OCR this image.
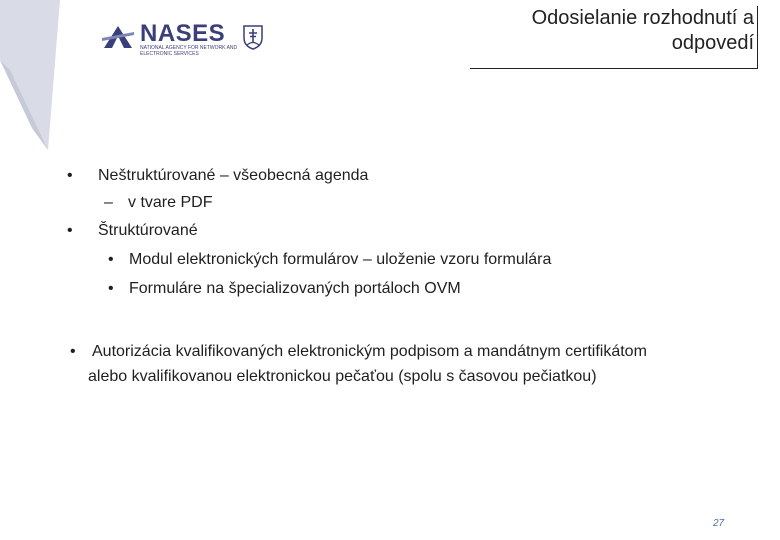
NASES
NATIONAL AGENCY FOR NETWORK AND
ELECTRONIC SERVICES
Odosielanie rozhodnutí a
odpovedí
• Neštruktúrované – všeobecná agenda
– v tvare PDF
• Štruktúrované
• Modul elektronických formulárov – uloženie vzoru formulára
• Formuláre na špecializovaných portáloch OVM
• Autorizácia kvalifikovaných elektronickým podpisom a mandátnym certifikátom
alebo kvalifikovanou elektronickou pečaťou (spolu s časovou pečiatkou)
27
